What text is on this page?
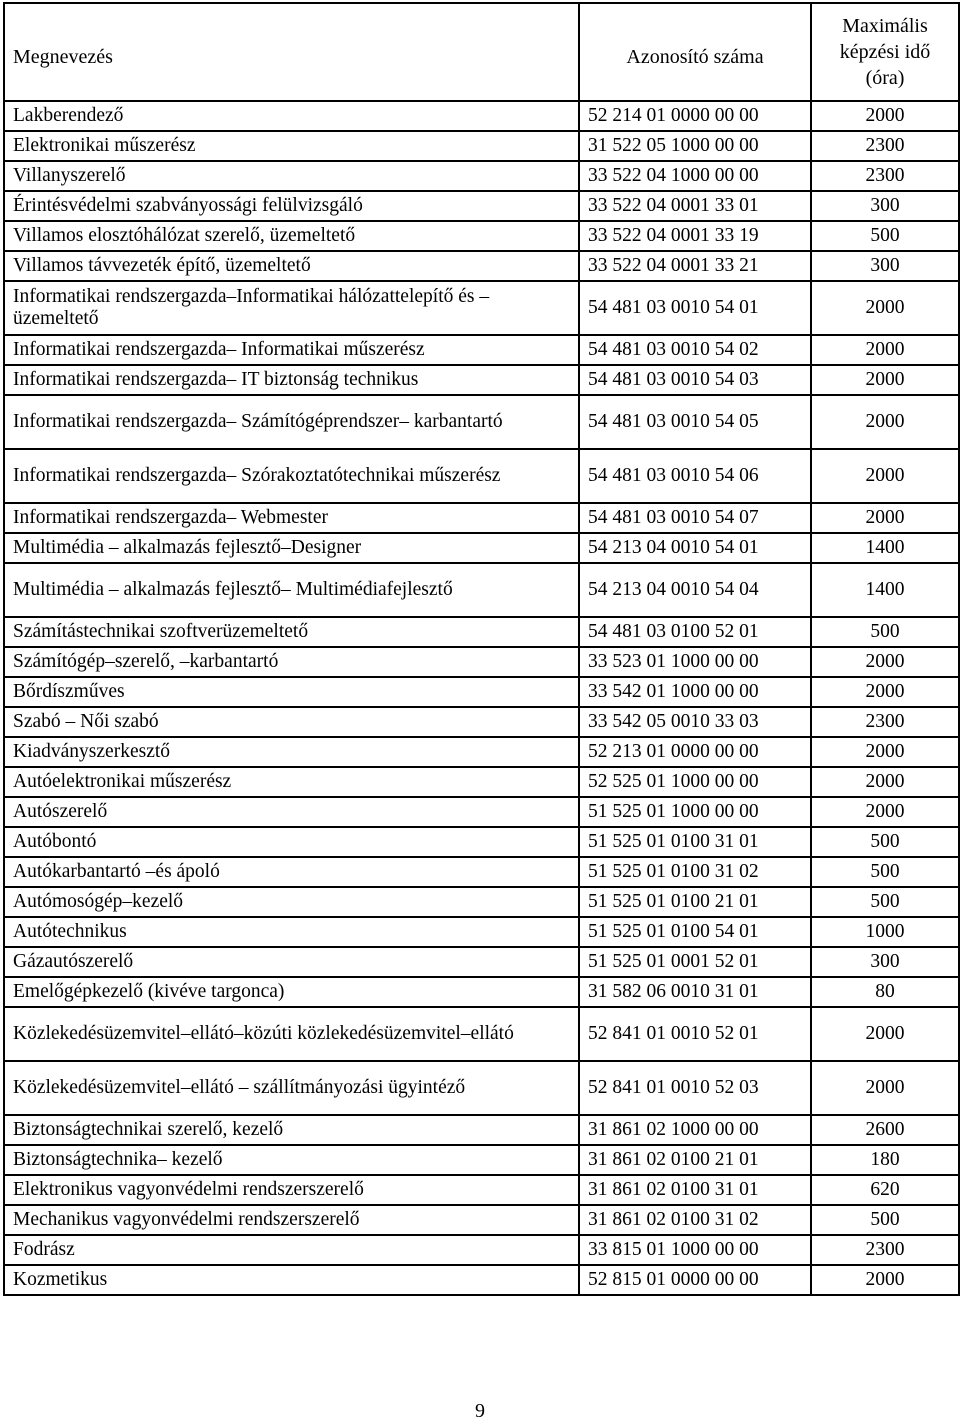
Megnevezés	Azonosító száma	Maximális képzési idő (óra)
Lakberendező	52 214 01 0000 00 00	2000
Elektronikai műszerész	31 522 05 1000 00 00	2300
Villanyszerelő	33 522 04 1000 00 00	2300
Érintésvédelmi szabványossági felülvizsgáló	33 522 04 0001 33 01	300
Villamos elosztóhálózat szerelő, üzemeltető	33 522 04 0001 33 19	500
Villamos távvezeték építő, üzemeltető	33 522 04 0001 33 21	300
Informatikai rendszergazda–Informatikai hálózattelepítő és –üzemeltető	54 481 03 0010 54 01	2000
Informatikai rendszergazda– Informatikai műszerész	54 481 03 0010 54 02	2000
Informatikai rendszergazda– IT biztonság technikus	54 481 03 0010 54 03	2000
Informatikai rendszergazda– Számítógéprendszer– karbantartó	54 481 03 0010 54 05	2000
Informatikai rendszergazda– Szórakoztatótechnikai műszerész	54 481 03 0010 54 06	2000
Informatikai rendszergazda– Webmester	54 481 03 0010 54 07	2000
Multimédia – alkalmazás fejlesztő–Designer	54 213 04 0010 54 01	1400
Multimédia – alkalmazás fejlesztő– Multimédiafejlesztő	54 213 04 0010 54 04	1400
Számítástechnikai szoftverüzemeltető	54 481 03 0100 52 01	500
Számítógép–szerelő, –karbantartó	33 523 01 1000 00 00	2000
Bőrdíszműves	33 542 01 1000 00 00	2000
Szabó – Női szabó	33 542 05 0010 33 03	2300
Kiadványszerkesztő	52 213 01 0000 00 00	2000
Autóelektronikai műszerész	52 525 01 1000 00 00	2000
Autószerelő	51 525 01 1000 00 00	2000
Autóbontó	51 525 01 0100 31 01	500
Autókarbantartó –és ápoló	51 525 01 0100 31 02	500
Autómosógép–kezelő	51 525 01 0100 21 01	500
Autótechnikus	51 525 01 0100 54 01	1000
Gázautószerelő	51 525 01 0001 52 01	300
Emelőgépkezelő (kivéve targonca)	31 582 06 0010 31 01	80
Közlekedésüzemvitel–ellátó–közúti közlekedésüzemvitel–ellátó	52 841 01 0010 52 01	2000
Közlekedésüzemvitel–ellátó – szállítmányozási ügyintéző	52 841 01 0010 52 03	2000
Biztonságtechnikai szerelő, kezelő	31 861 02 1000 00 00	2600
Biztonságtechnika– kezelő	31 861 02 0100 21 01	180
Elektronikus vagyonvédelmi rendszerszerelő	31 861 02 0100 31 01	620
Mechanikus vagyonvédelmi rendszerszerelő	31 861 02 0100 31 02	500
Fodrász	33 815 01 1000 00 00	2300
Kozmetikus	52 815 01 0000 00 00	2000
9
